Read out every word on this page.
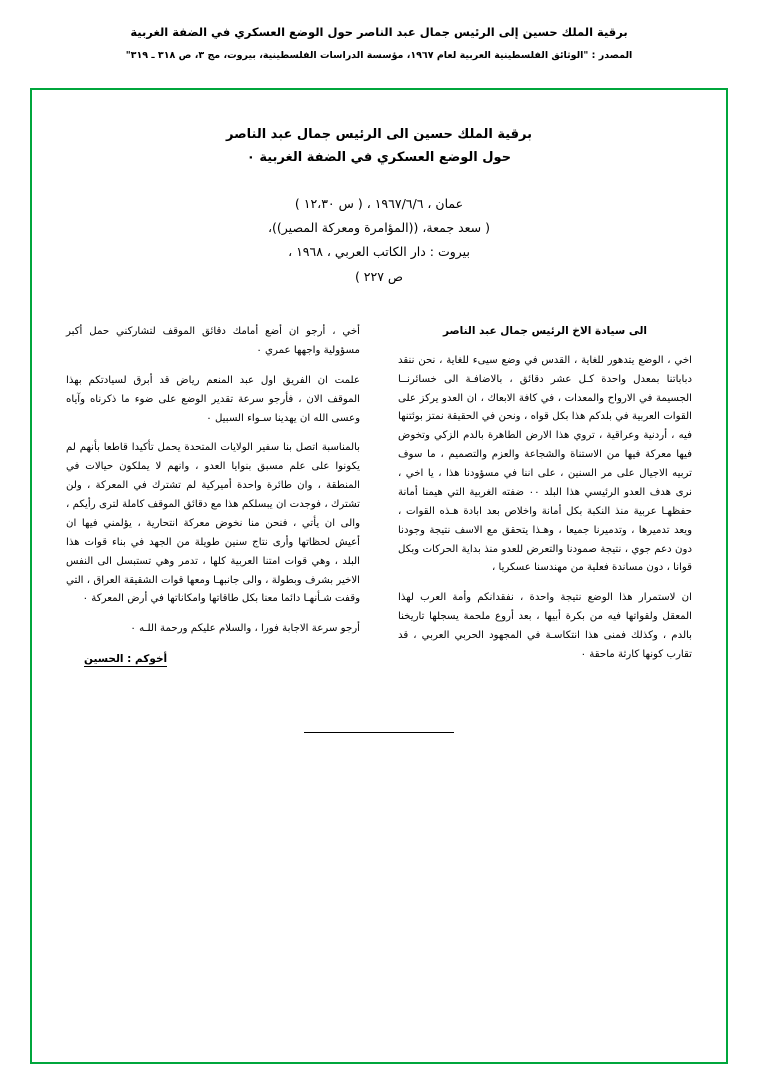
برقية الملك حسين إلى الرئيس جمال عبد الناصر حول الوضع العسكري في الضفة الغربية
المصدر : "الوثائق الفلسطينية العربية لعام ١٩٦٧، مؤسسة الدراسات الفلسطينية، بيروت، مج ٣، ص ٣١٨ ـ ٣١٩"
برقية الملك حسين الى الرئيس جمال عبد الناصر
حول الوضع العسكري في الضفة الغربية ٠
عمان ، ١٩٦٧/٦/٦ ، ( س ١٢،٣٠ )
( سعد جمعة، ((المؤامرة ومعركة المصير))،
بيروت : دار الكاتب العربي ، ١٩٦٨ ،
ص ٢٢٧ )
الى سيادة الاخ الرئيس جمال عبد الناصر

اخي ، الوضع يتدهور للغاية ، القدس في وضع سيىء للغاية ، نحن ننقد دباباتنا بمعدل واحدة كـل عشر دقائق ، بالاضافـة الى خسائرنــا الجسيمة في الارواح والمعدات ، في كافة الابعاك ، ان العدو يركز على القوات العربية في بلدكم هذا بكل قواه ، ونحن في الحقيقة نمتز بوئتنها فيه ، أردنية وعراقية ، تروي هذا الارض الطاهرة بالدم الزكي وتخوض فيها معركة فيها من الاستناة والشجاعة والعزم والتصميم ، ما سوف تربيه الاجيال على مر السنين ، على اننا في مسؤودنا هذا ، يا اخي ، نرى هدف العدو الرئيسي هذا البلد ٠٠ ضفته الغربية التي هيمنا أمانة حفظهـا عربية منذ النكبة بكل أمانة واخلاص بعد ابادة هـذه القوات ، ويعد تدميرها ، وتدميرنا جميعا ، وهـذا يتحقق مع الاسف نتيجة وجودنا دون دعم جوي ، نتيجة صمودنا والتعرض للعدو منذ بداية الحركات وبكل قوانا ، دون مساندة فعلية من مهندسنا عسكريا ،

ان لاستمرار هذا الوضع نتيجة واحدة ، نفقدانكم وأمة العرب لهذا المعقل ولقواتها فيه من بكرة أبيها ، بعد أروع ملحمة يسجلها تاريخنا بالدم ، وكذلك فمنى هذا انتكاسـة في المجهود الحربي العربي ، قد تقارب كونها كارثة ماحقة ٠

أخي ، أرجو ان أضع أمامك دقائق الموقف لتشاركني حمل أكبر مسؤولية واجهها عمري ٠

علمت ان الفريق اول عبد المنعم رياض قد أبرق لسيادتكم بهذا الموقف الان ، فأرجو سرعة تقدير الوضع على ضوء ما ذكرناه وآياه وعسى الله ان يهدينا سـواء السبيل ٠

بالمناسبة اتصل بنا سفير الولايات المتحدة يحمل تأكيدا قاطعا بأنهم لم يكونوا على علم مسبق بنوايا العدو ، وانهم لا يملكون حيالات في المنطقة ، وان طائرة واحدة أميركية لم تشترك في المعركة ، ولن تشترك ، فوجدت ان يبسلكم هذا مع دقائق الموقف كاملة لترى رأيكم ، والى ان يأتي ، فنحن منا نخوض معركة انتحارية ، يؤلمني فيها ان أعيش لحظاتها وأرى نتاج سنين طويلة من الجهد في بناء قوات هذا البلد ، وهي قوات امتنا العربية كلها ، تدمر وهي تستبسل الى النفس الاخير بشرف وبطولة ، والى جانبهـا ومعها قوات الشقيقة العراق ، التي وقفت شـأنهـا دائما معنا بكل طاقاتها وامكاناتها في أرض المعركة ٠

أرجو سرعة الاجابة فورا ، والسلام عليكم ورحمة اللـه ٠

أخوكم : الحسين
